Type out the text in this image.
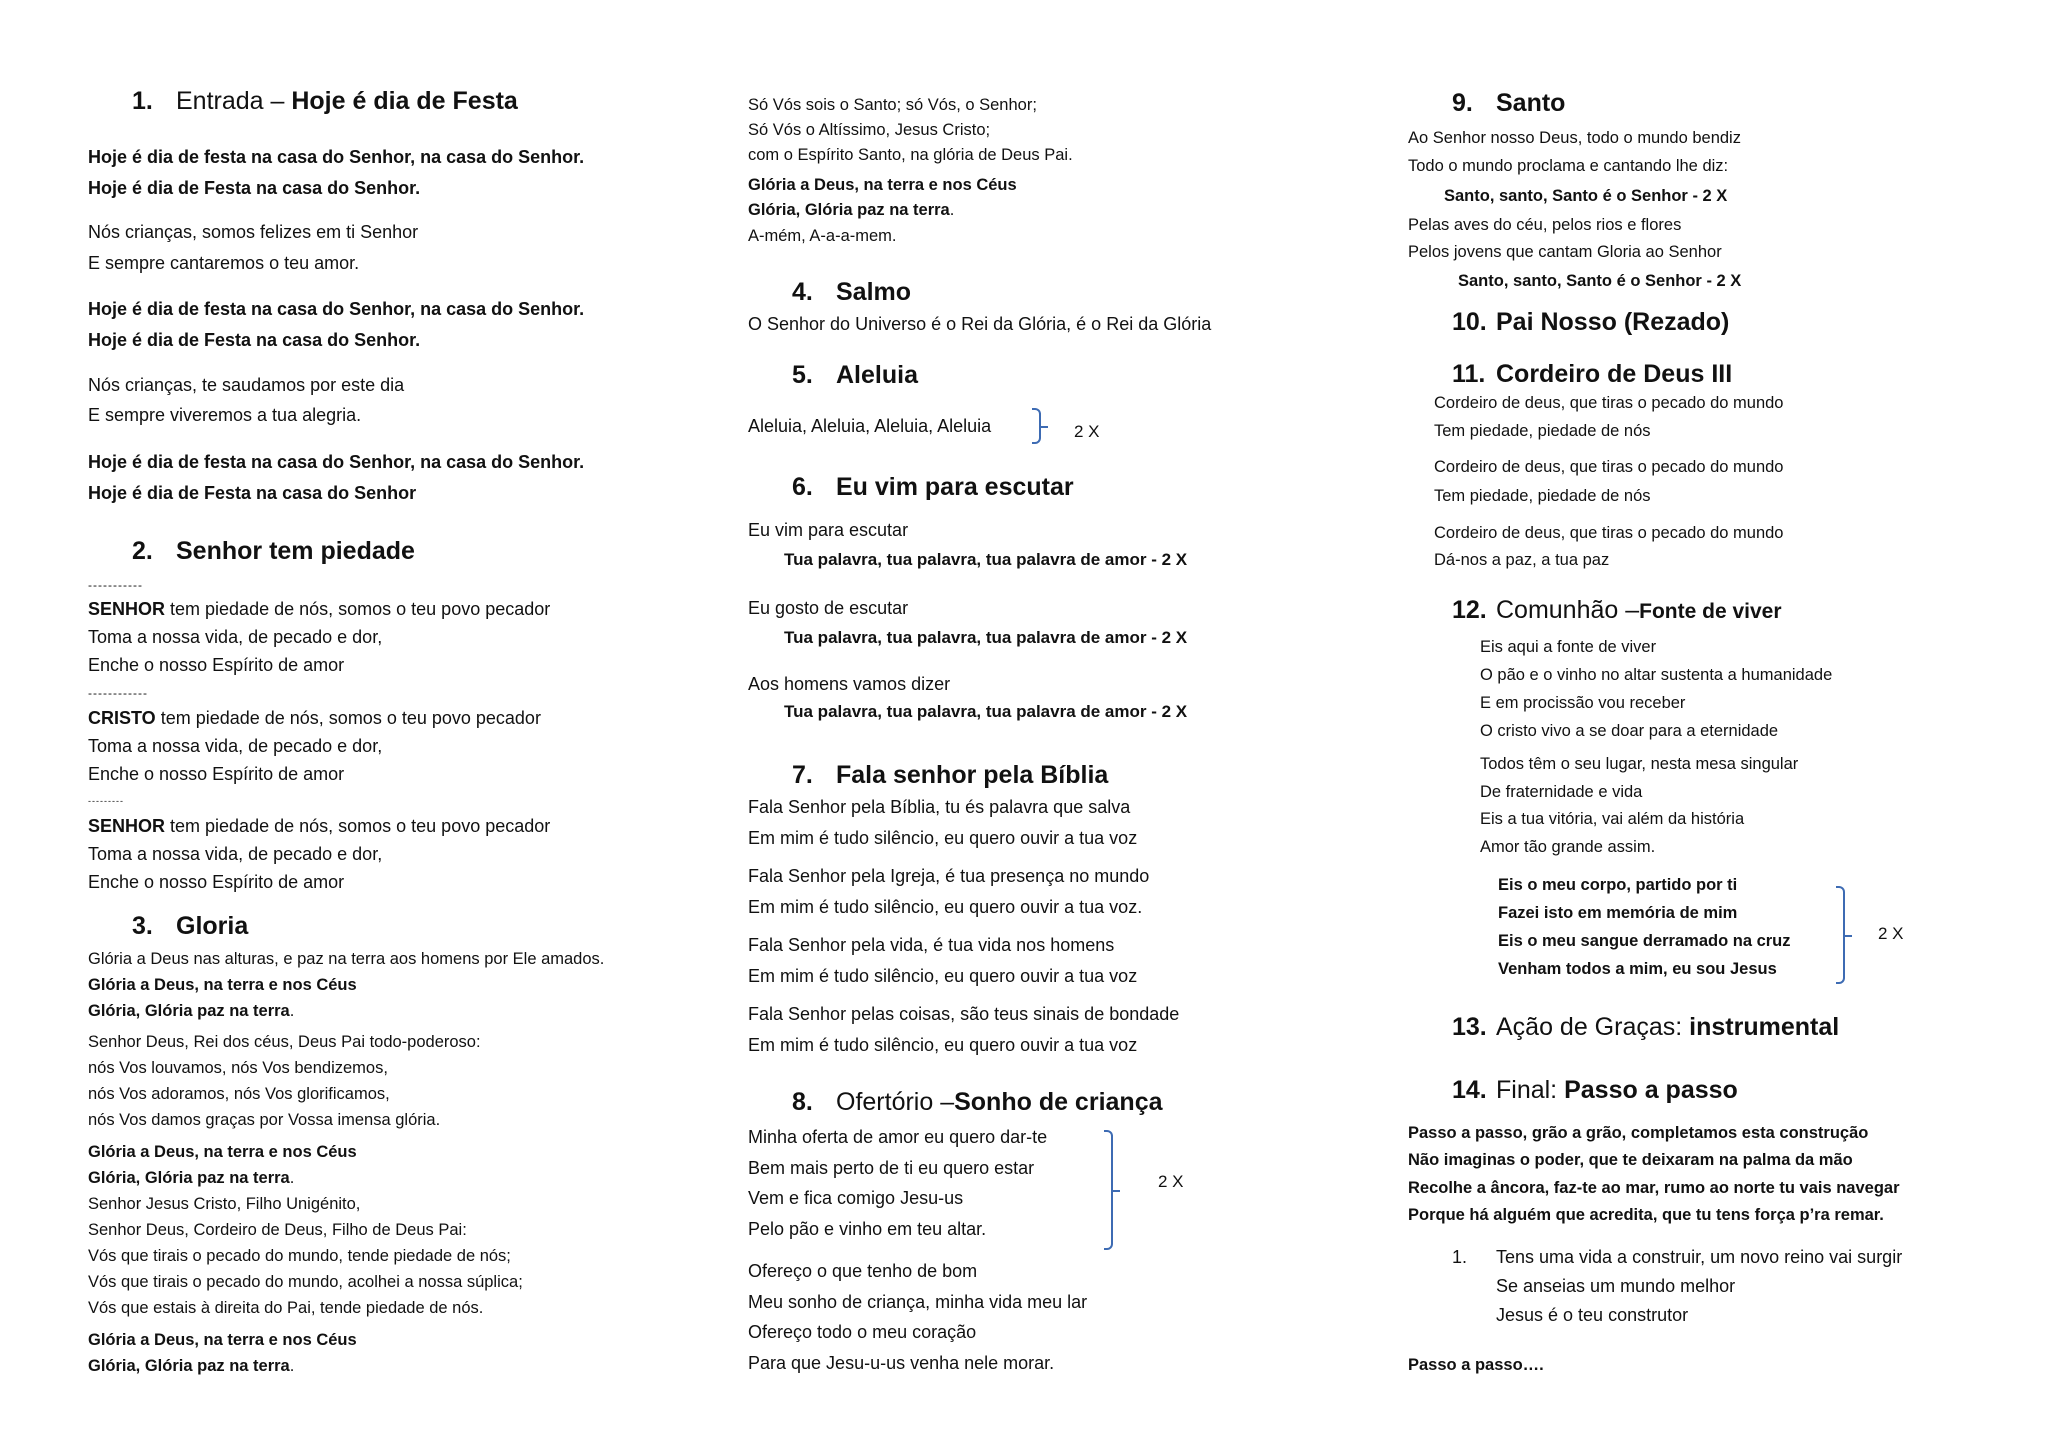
1. Entrada – Hoje é dia de Festa
Hoje é dia de festa na casa do Senhor, na casa do Senhor.
Hoje é dia de Festa na casa do Senhor.
Nós crianças, somos felizes em ti Senhor
E sempre cantaremos o teu amor.
Hoje é dia de festa na casa do Senhor, na casa do Senhor.
Hoje é dia de Festa na casa do Senhor.
Nós crianças, te saudamos por este dia
E sempre viveremos a tua alegria.
Hoje é dia de festa na casa do Senhor, na casa do Senhor.
Hoje é dia de Festa na casa do Senhor
2. Senhor tem piedade
-----------
SENHOR tem piedade de nós, somos o teu povo pecador
Toma a nossa vida, de pecado e dor,
Enche o nosso Espírito de amor
------------
CRISTO tem piedade de nós, somos o teu povo pecador
Toma a nossa vida, de pecado e dor,
Enche o nosso Espírito de amor
---------
SENHOR tem piedade de nós, somos o teu povo pecador
Toma a nossa vida, de pecado e dor,
Enche o nosso Espírito de amor
3. Gloria
Glória a Deus nas alturas, e paz na terra aos homens por Ele amados.
Glória a Deus, na terra e nos Céus
Glória, Glória paz na terra.
Senhor Deus, Rei dos céus, Deus Pai todo-poderoso:
nós Vos louvamos, nós Vos bendizemos,
nós Vos adoramos, nós Vos glorificamos,
nós Vos damos graças por Vossa imensa glória.
Glória a Deus, na terra e nos Céus
Glória, Glória paz na terra.
Senhor Jesus Cristo, Filho Unigénito,
Senhor Deus, Cordeiro de Deus, Filho de Deus Pai:
Vós que tirais o pecado do mundo, tende piedade de nós;
Vós que tirais o pecado do mundo, acolhei a nossa súplica;
Vós que estais à direita do Pai, tende piedade de nós.
Glória a Deus, na terra e nos Céus
Glória, Glória paz na terra.
Só Vós sois o Santo; só Vós, o Senhor;
Só Vós o Altíssimo, Jesus Cristo;
com o Espírito Santo, na glória de Deus Pai.
Glória a Deus, na terra e nos Céus
Glória, Glória paz na terra.
A-mém, A-a-a-mem.
4. Salmo
O Senhor do Universo é o Rei da Glória, é o Rei da Glória
5. Aleluia
Aleluia, Aleluia, Aleluia, Aleluia	2 X
6. Eu vim para escutar
Eu vim para escutar
Tua palavra, tua palavra, tua palavra de amor - 2 X
Eu gosto de escutar
Tua palavra, tua palavra, tua palavra de amor - 2 X
Aos homens vamos dizer
Tua palavra, tua palavra, tua palavra de amor - 2 X
7. Fala senhor pela Bíblia
Fala Senhor pela Bíblia, tu és palavra que salva
Em mim é tudo silêncio, eu quero ouvir a tua voz
Fala Senhor pela Igreja, é tua presença no mundo
Em mim é tudo silêncio, eu quero ouvir a tua voz.
Fala Senhor pela vida, é tua vida nos homens
Em mim é tudo silêncio, eu quero ouvir a tua voz
Fala Senhor pelas coisas, são teus sinais de bondade
Em mim é tudo silêncio, eu quero ouvir a tua voz
8. Ofertório –Sonho de criança
Minha oferta de amor eu quero dar-te
Bem mais perto de ti eu quero estar
Vem e fica comigo Jesu-us
Pelo pão e vinho em teu altar.
2 X
Ofereço o que tenho de bom
Meu sonho de criança, minha vida meu lar
Ofereço todo o meu coração
Para que Jesu-u-us venha nele morar.
9. Santo
Ao Senhor nosso Deus, todo o mundo bendiz
Todo o mundo proclama e cantando lhe diz:
Santo, santo, Santo é o Senhor - 2 X
Pelas aves do céu, pelos rios e flores
Pelos jovens que cantam Gloria ao Senhor
Santo, santo, Santo é o Senhor - 2 X
10. Pai Nosso (Rezado)
11. Cordeiro de Deus III
Cordeiro de deus, que tiras o pecado do mundo
Tem piedade, piedade de nós
Cordeiro de deus, que tiras o pecado do mundo
Tem piedade, piedade de nós
Cordeiro de deus, que tiras o pecado do mundo
Dá-nos a paz, a tua paz
12. Comunhão –Fonte de viver
Eis aqui a fonte de viver
O pão e o vinho no altar sustenta a humanidade
E em procissão vou receber
O cristo vivo a se doar para a eternidade
Todos têm o seu lugar, nesta mesa singular
De fraternidade e vida
Eis a tua vitória, vai além da história
Amor tão grande assim.
Eis o meu corpo, partido por ti
Fazei isto em memória de mim
Eis o meu sangue derramado na cruz
Venham todos a mim, eu sou Jesus
2 X
13. Ação de Graças: instrumental
14. Final: Passo a passo
Passo a passo, grão a grão, completamos esta construção
Não imaginas o poder, que te deixaram na palma da mão
Recolhe a âncora, faz-te ao mar, rumo ao norte tu vais navegar
Porque há alguém que acredita, que tu tens força p’ra remar.
1. Tens uma vida a construir, um novo reino vai surgir
Se anseias um mundo melhor
Jesus é o teu construtor
Passo a passo….
